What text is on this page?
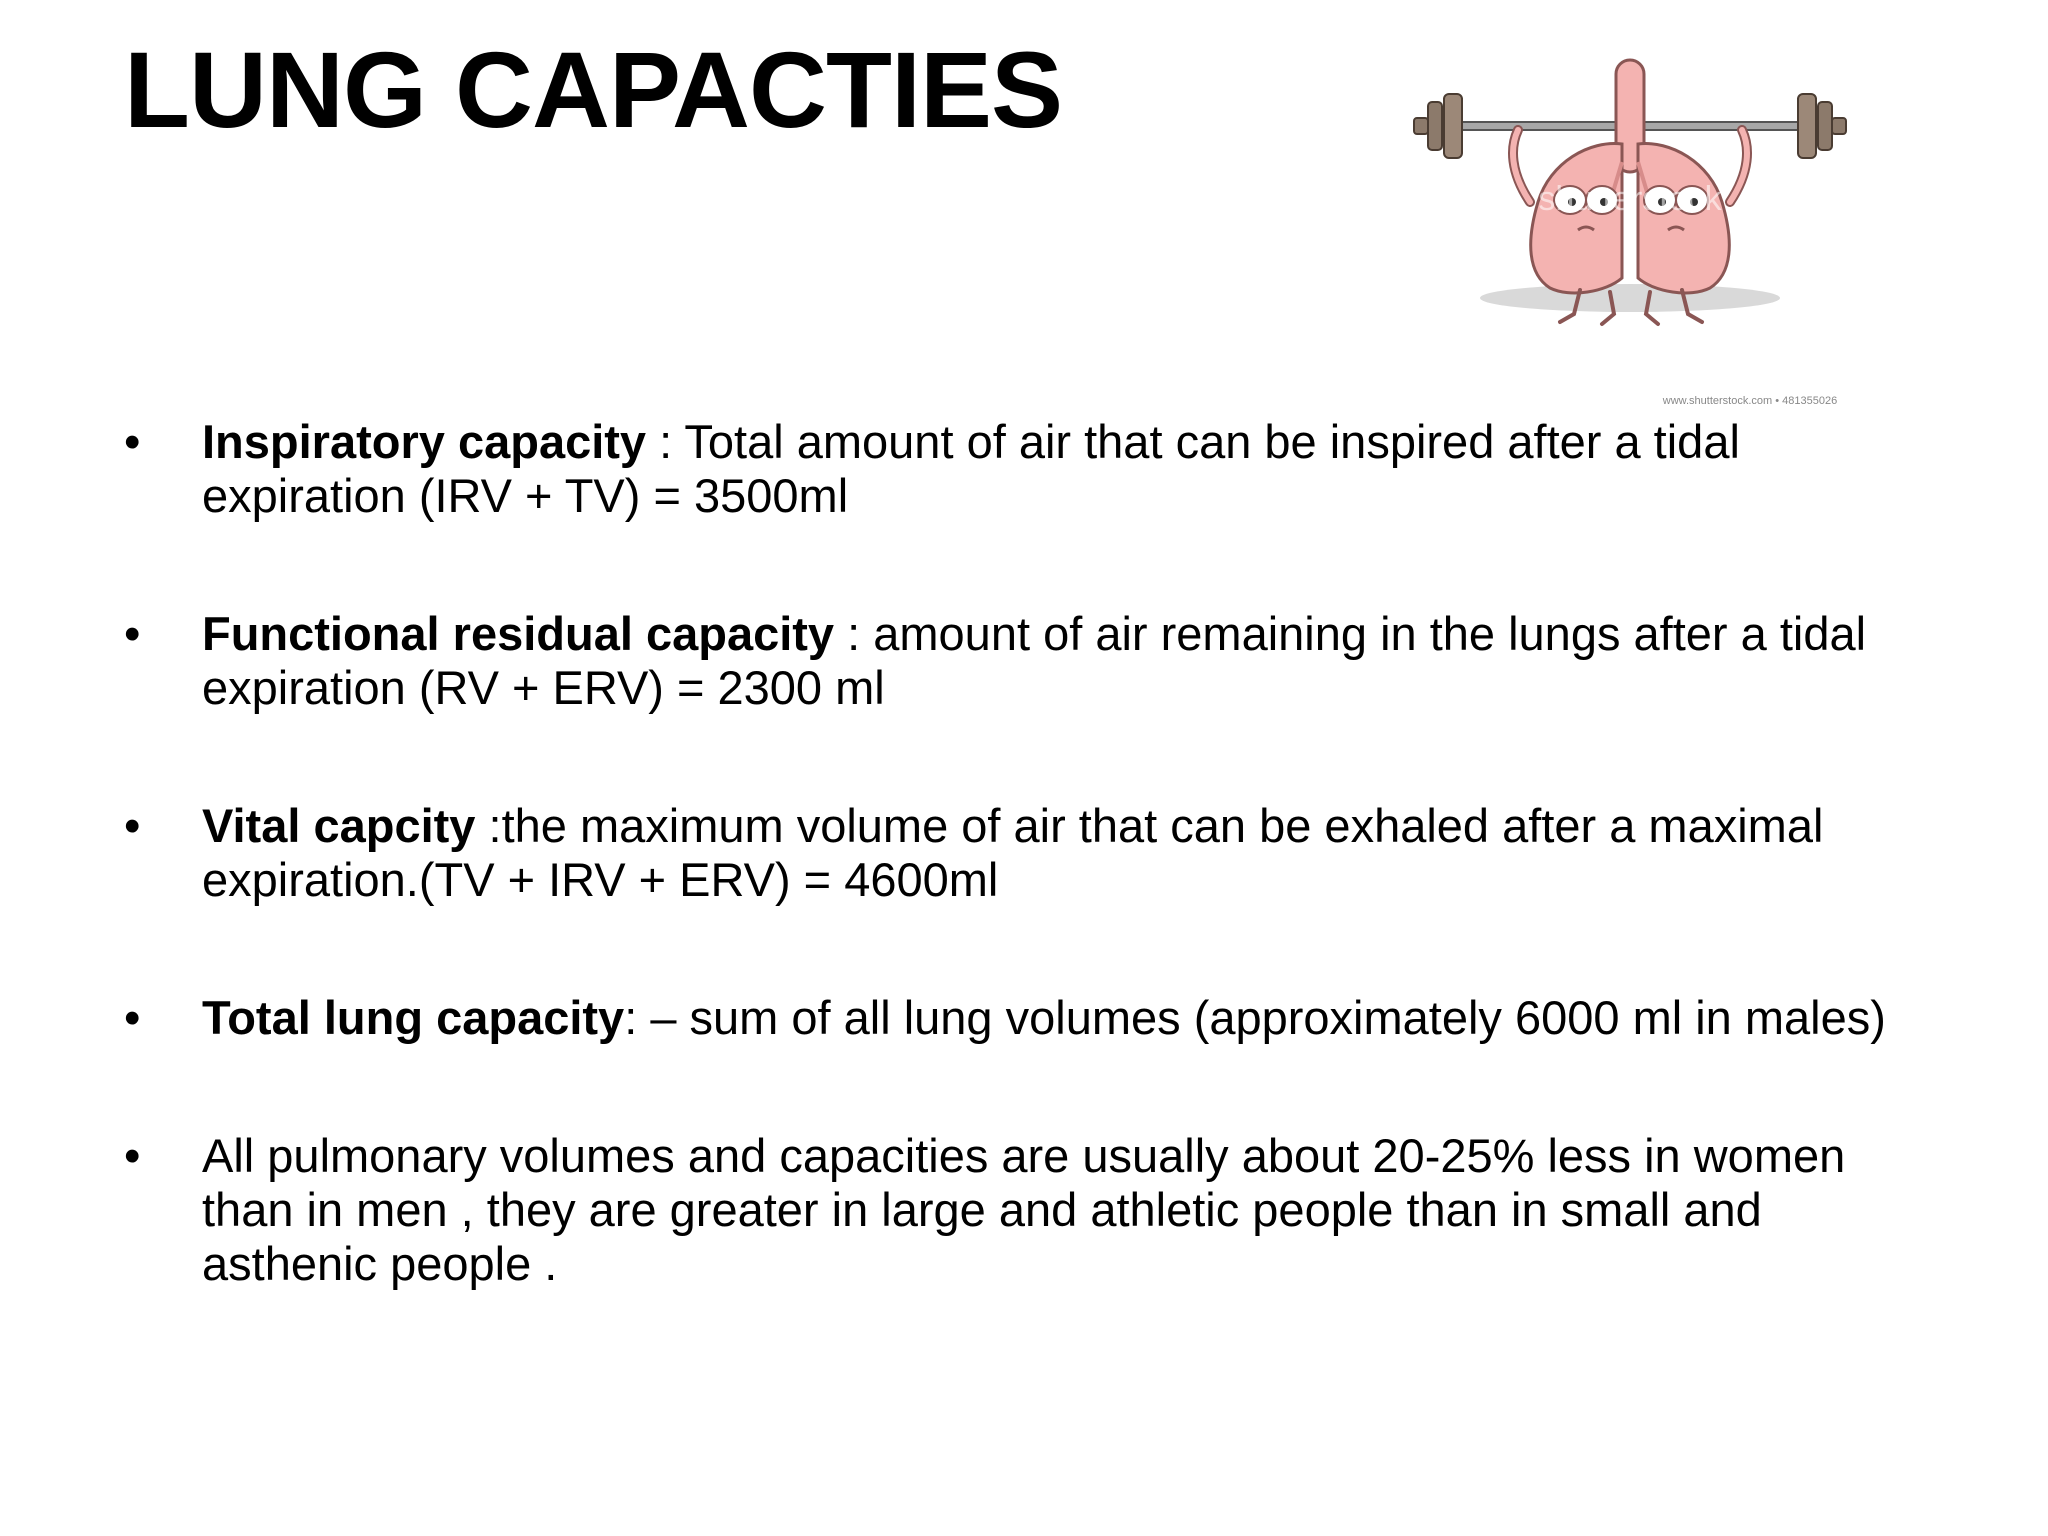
LUNG CAPACTIES
shutterstock
www.shutterstock.com • 481355026
• Inspiratory capacity : Total amount of air that can be inspired after a tidal expiration (IRV + TV) = 3500ml
• Functional residual capacity : amount of air remaining in the lungs after a tidal expiration (RV + ERV) = 2300 ml
• Vital capcity :the maximum volume of air that can be exhaled after a maximal expiration.(TV + IRV + ERV) = 4600ml
• Total lung capacity: – sum of all lung volumes (approximately 6000 ml in males)
• All pulmonary volumes and capacities are usually about 20-25% less in women than in men , they are greater in large and athletic people than in small and asthenic people .
